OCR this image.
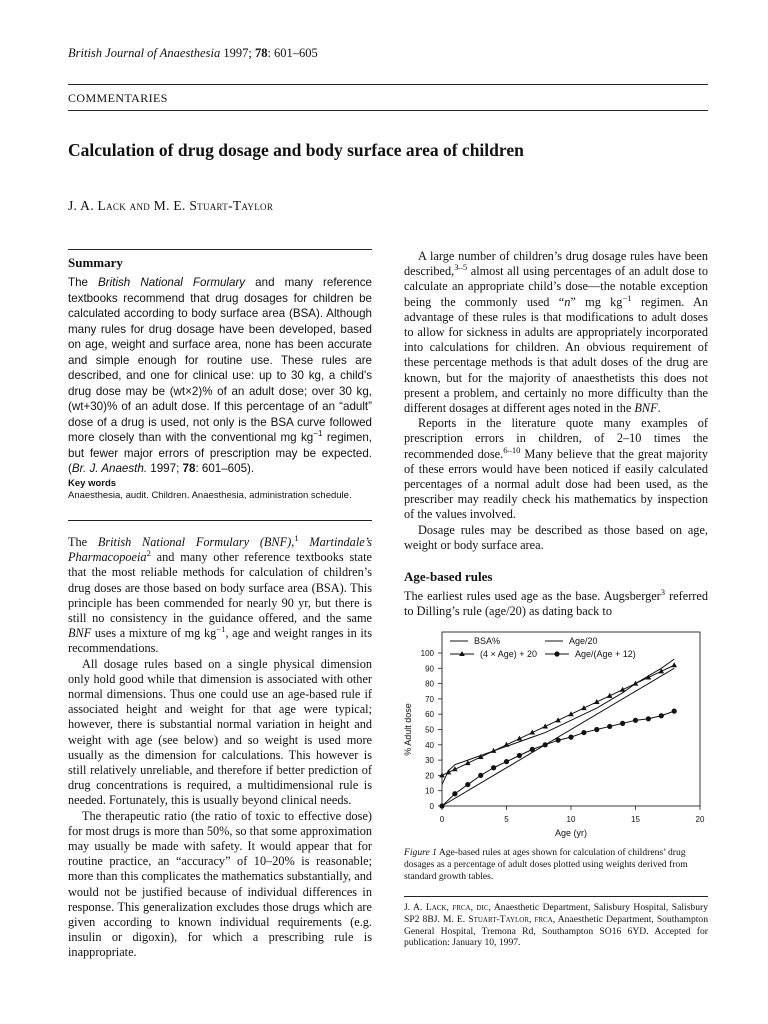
British Journal of Anaesthesia 1997; 78: 601–605
COMMENTARIES
Calculation of drug dosage and body surface area of children
J. A. Lack and M. E. Stuart-Taylor
Summary
The British National Formulary and many reference textbooks recommend that drug dosages for children be calculated according to body surface area (BSA). Although many rules for drug dosage have been developed, based on age, weight and surface area, none has been accurate and simple enough for routine use. These rules are described, and one for clinical use: up to 30 kg, a child's drug dose may be (wt×2)% of an adult dose; over 30 kg, (wt+30)% of an adult dose. If this percentage of an “adult” dose of a drug is used, not only is the BSA curve followed more closely than with the conventional mg $kg^{-1}$ regimen, but fewer major errors of prescription may be expected. (Br. J. Anaesth. 1997; 78: 601–605).
Key words
Anaesthesia, audit. Children. Anaesthesia, administration schedule.

The British National Formulary (BNF),$^1$ Martindale’s Pharmacopoeia$^2$ and many other reference textbooks state that the most reliable methods for calculation of children’s drug doses are those based on body surface area (BSA). This principle has been commended for nearly 90 yr, but there is still no consistency in the guidance offered, and the same BNF uses a mixture of mg $kg^{-1}$, age and weight ranges in its recommendations.

All dosage rules based on a single physical dimension only hold good while that dimension is associated with other normal dimensions. Thus one could use an age-based rule if associated height and weight for that age were typical; however, there is substantial normal variation in height and weight with age (see below) and so weight is used more usually as the dimension for calculations. This however is still relatively unreliable, and therefore if better prediction of drug concentrations is required, a multidimensional rule is needed. Fortunately, this is usually beyond clinical needs.

The therapeutic ratio (the ratio of toxic to effective dose) for most drugs is more than 50%, so that some approximation may usually be made with safety. It would appear that for routine practice, an “accuracy” of 10–20% is reasonable; more than this complicates the mathematics substantially, and would not be justified because of individual differences in response. This generalization excludes those drugs which are given according to known individual requirements (e.g. insulin or digoxin), for which a prescribing rule is inappropriate.

A large number of children’s drug dosage rules have been described,$^{3-5}$ almost all using percentages of an adult dose to calculate an appropriate child’s dose—the notable exception being the commonly used “n” mg $kg^{-1}$ regimen. An advantage of these rules is that modifications to adult doses to allow for sickness in adults are appropriately incorporated into calculations for children. An obvious requirement of these percentage methods is that adult doses of the drug are known, but for the majority of anaesthetists this does not present a problem, and certainly no more difficulty than the different dosages at different ages noted in the BNF.

Reports in the literature quote many examples of prescription errors in children, of 2–10 times the recommended dose.$^{6-10}$ Many believe that the great majority of these errors would have been noticed if easily calculated percentages of a normal adult dose had been used, as the prescriber may readily check his mathematics by inspection of the values involved.

Dosage rules may be described as those based on age, weight or body surface area.

Age-based rules

The earliest rules used age as the base. Augsberger$^3$ referred to Dilling’s rule (age/20) as dating back to

BSA%	Age/20
(4 × Age) + 20	Age/(Age + 12)
0
10
20
30
40
50
60
70
80
90
100
0	5	10	15	20
Age (yr)
% Adult dose
Figure 1 Age-based rules at ages shown for calculation of childrens’ drug dosages as a percentage of adult doses plotted using weights derived from standard growth tables.
J. A. Lack, frca, dic, Anaesthetic Department, Salisbury Hospital, Salisbury SP2 8BJ. M. E. Stuart-Taylor, frca, Anaesthetic Department, Southampton General Hospital, Tremona Rd, Southampton SO16 6YD. Accepted for publication: January 10, 1997.
